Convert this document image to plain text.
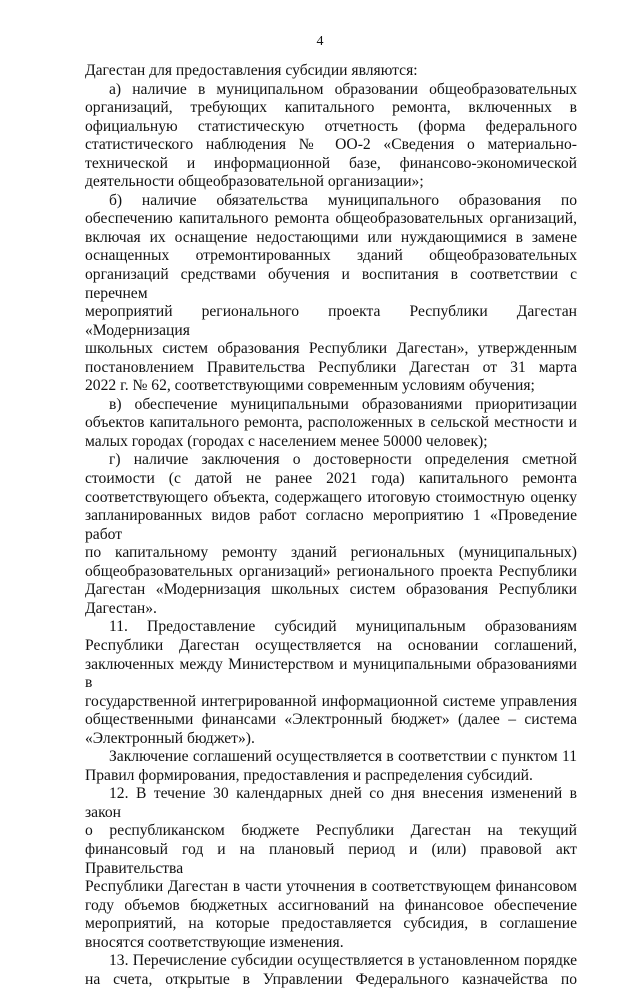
4

Дагестан для предоставления субсидии являются:

а) наличие в муниципальном образовании общеобразовательных
организаций, требующих капитального ремонта, включенных в
официальную статистическую отчетность (форма федерального
статистического наблюдения № ОО-2 «Сведения о материально-
технической и информационной базе, финансово-экономической
деятельности общеобразовательной организации»;

б) наличие обязательства муниципального образования по
обеспечению капитального ремонта общеобразовательных организаций,
включая их оснащение недостающими или нуждающимися в замене
оснащенных отремонтированных зданий общеобразовательных
организаций средствами обучения и воспитания в соответствии с перечнем
мероприятий регионального проекта Республики Дагестан «Модернизация
школьных систем образования Республики Дагестан», утвержденным
постановлением Правительства Республики Дагестан от 31 марта
2022 г. № 62, соответствующими современным условиям обучения;

в) обеспечение муниципальными образованиями приоритизации
объектов капитального ремонта, расположенных в сельской местности и
малых городах (городах с населением менее 50000 человек);

г) наличие заключения о достоверности определения сметной
стоимости (с датой не ранее 2021 года) капитального ремонта
соответствующего объекта, содержащего итоговую стоимостную оценку
запланированных видов работ согласно мероприятию 1 «Проведение работ
по капитальному ремонту зданий региональных (муниципальных)
общеобразовательных организаций» регионального проекта Республики
Дагестан «Модернизация школьных систем образования Республики
Дагестан».

11. Предоставление субсидий муниципальным образованиям
Республики Дагестан осуществляется на основании соглашений,
заключенных между Министерством и муниципальными образованиями в
государственной интегрированной информационной системе управления
общественными финансами «Электронный бюджет» (далее – система
«Электронный бюджет»).

Заключение соглашений осуществляется в соответствии с пунктом 11
Правил формирования, предоставления и распределения субсидий.

12. В течение 30 календарных дней со дня внесения изменений в закон
о республиканском бюджете Республики Дагестан на текущий
финансовый год и на плановый период и (или) правовой акт Правительства
Республики Дагестан в части уточнения в соответствующем финансовом
году объемов бюджетных ассигнований на финансовое обеспечение
мероприятий, на которые предоставляется субсидия, в соглашение
вносятся соответствующие изменения.

13. Перечисление субсидии осуществляется в установленном порядке
на счета, открытые в Управлении Федерального казначейства по
